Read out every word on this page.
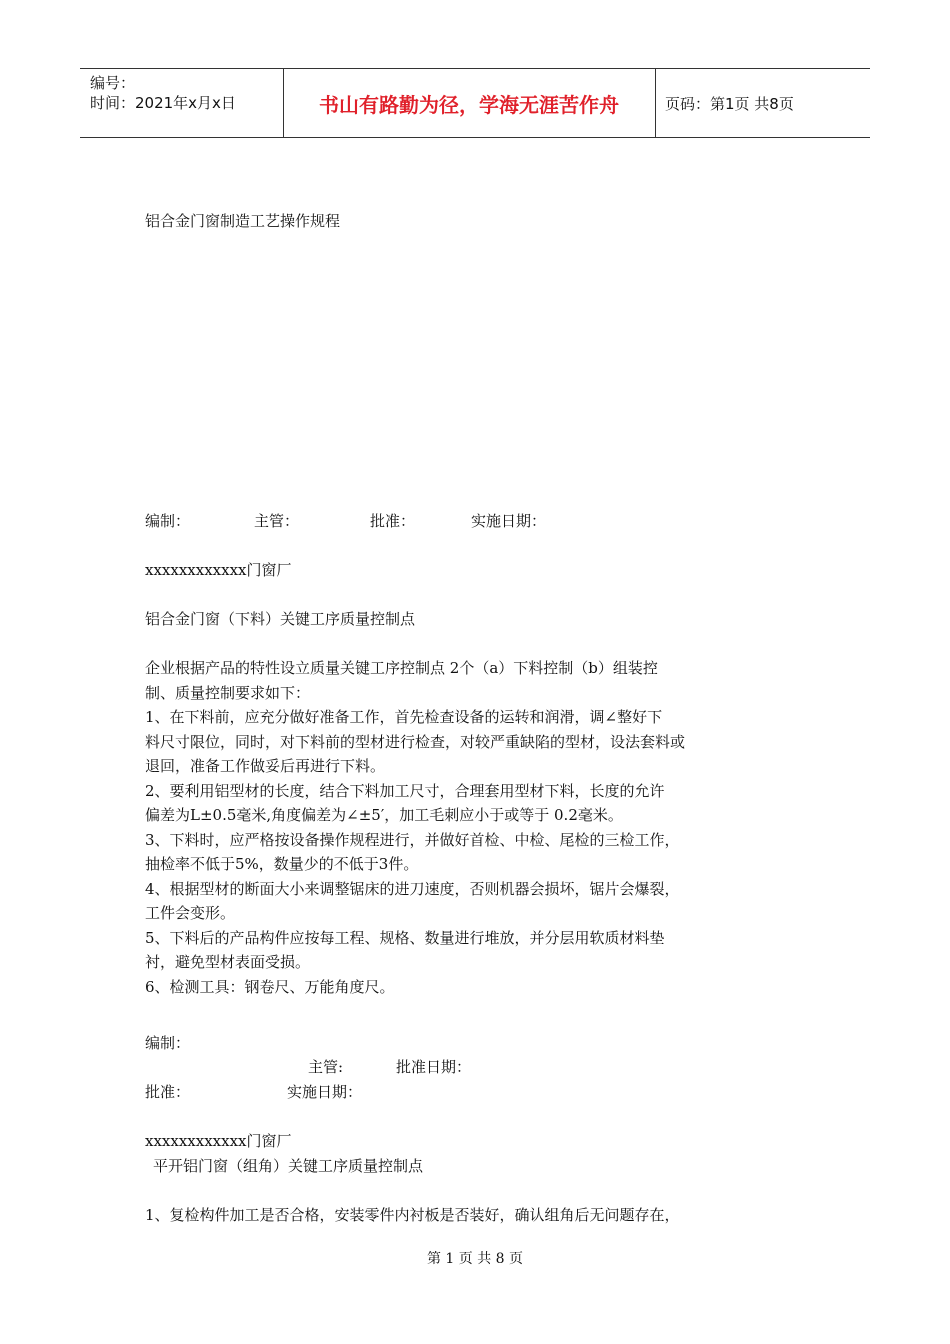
编号：
时间：2021年x月x日	书山有路勤为径，学海无涯苦作舟	页码：第1页 共8页
铝合金门窗制造工艺操作规程
编制：	主管：	批准：	实施日期：
xxxxxxxxxxxx门窗厂
铝合金门窗（下料）关键工序质量控制点
企业根据产品的特性设立质量关键工序控制点 2个（a）下料控制（b）组装控
制、质量控制要求如下：
1、在下料前，应充分做好准备工作，首先检查设备的运转和润滑，调∠整好下
料尺寸限位，同时，对下料前的型材进行检查，对较严重缺陷的型材，设法套料或
退回，准备工作做妥后再进行下料。
2、要利用铝型材的长度，结合下料加工尺寸，合理套用型材下料，长度的允许
偏差为L±0.5毫米,角度偏差为∠±5′，加工毛刺应小于或等于 0.2毫米。
3、下料时，应严格按设备操作规程进行，并做好首检、中检、尾检的三检工作，
抽检率不低于5%，数量少的不低于3件。
4、根据型材的断面大小来调整锯床的进刀速度，否则机器会损坏，锯片会爆裂，
工件会变形。
5、下料后的产品构件应按每工程、规格、数量进行堆放，并分层用软质材料垫
衬，避免型材表面受损。
6、检测工具：钢卷尺、万能角度尺。
编制：
主管:	批准日期：
批准：	实施日期：
xxxxxxxxxxxx门窗厂
平开铝门窗（组角）关键工序质量控制点
1、复检构件加工是否合格，安装零件内衬板是否装好，确认组角后无问题存在，
第 1 页 共 8 页
